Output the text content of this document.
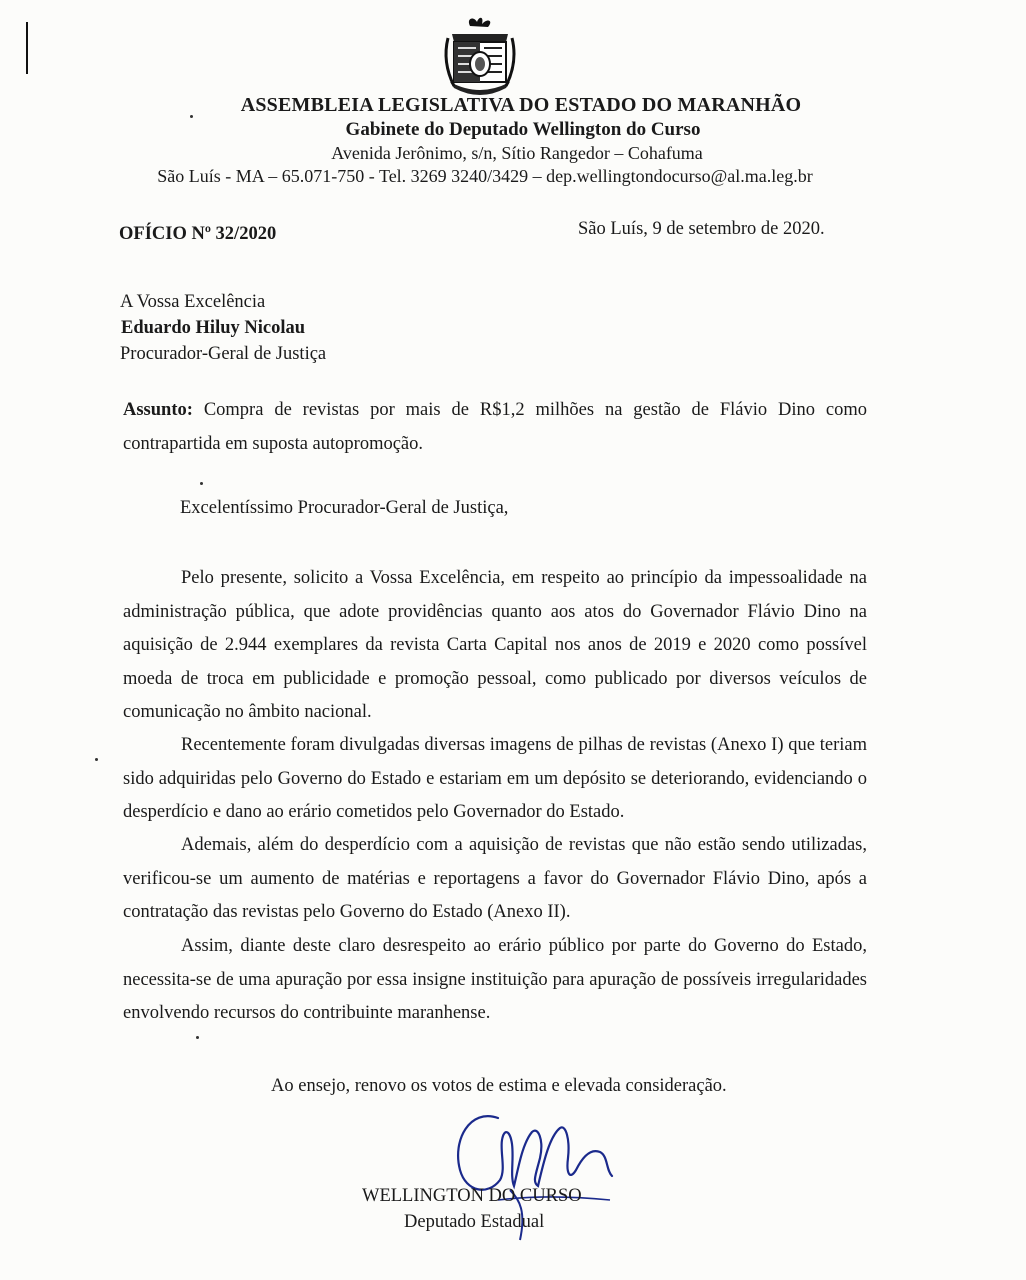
ASSEMBLEIA LEGISLATIVA DO ESTADO DO MARANHÃO
Gabinete do Deputado Wellington do Curso
Avenida Jerônimo, s/n, Sítio Rangedor – Cohafuma
São Luís - MA – 65.071-750 - Tel. 3269 3240/3429 – dep.wellingtondocurso@al.ma.leg.br
OFÍCIO Nº 32/2020	São Luís, 9 de setembro de 2020.
A Vossa Excelência
Eduardo Hiluy Nicolau
Procurador-Geral de Justiça
Assunto: Compra de revistas por mais de R$1,2 milhões na gestão de Flávio Dino como contrapartida em suposta autopromoção.
Excelentíssimo Procurador-Geral de Justiça,
Pelo presente, solicito a Vossa Excelência, em respeito ao princípio da impessoalidade na administração pública, que adote providências quanto aos atos do Governador Flávio Dino na aquisição de 2.944 exemplares da revista Carta Capital nos anos de 2019 e 2020 como possível moeda de troca em publicidade e promoção pessoal, como publicado por diversos veículos de comunicação no âmbito nacional.
Recentemente foram divulgadas diversas imagens de pilhas de revistas (Anexo I) que teriam sido adquiridas pelo Governo do Estado e estariam em um depósito se deteriorando, evidenciando o desperdício e dano ao erário cometidos pelo Governador do Estado.
Ademais, além do desperdício com a aquisição de revistas que não estão sendo utilizadas, verificou-se um aumento de matérias e reportagens a favor do Governador Flávio Dino, após a contratação das revistas pelo Governo do Estado (Anexo II).
Assim, diante deste claro desrespeito ao erário público por parte do Governo do Estado, necessita-se de uma apuração por essa insigne instituição para apuração de possíveis irregularidades envolvendo recursos do contribuinte maranhense.
Ao ensejo, renovo os votos de estima e elevada consideração.
WELLINGTON DO CURSO
Deputado Estadual
